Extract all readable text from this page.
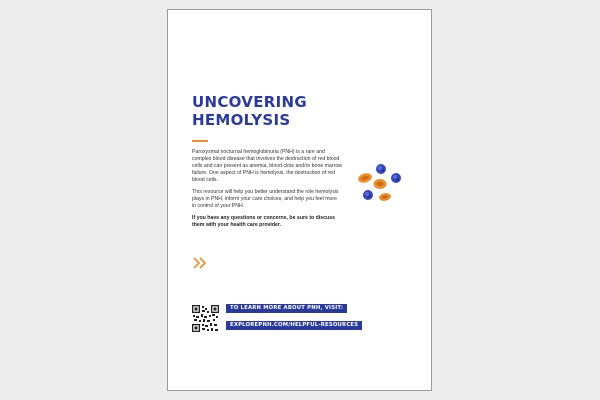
UNCOVERING
HEMOLYSIS

Paroxysmal nocturnal hemoglobinuria (PNH) is a rare and complex blood disease that involves the destruction of red blood cells and can present as anemia, blood clots and/or bone marrow failure. One aspect of PNH is hemolysis, the destruction of red blood cells.

This resource will help you better understand the role hemolysis plays in PNH, inform your care choices, and help you feel more in control of your PNH.

If you have any questions or concerns, be sure to discuss them with your health care provider.

TO LEARN MORE ABOUT PNH, VISIT:
EXPLOREPNH.COM/HELPFUL-RESOURCES
